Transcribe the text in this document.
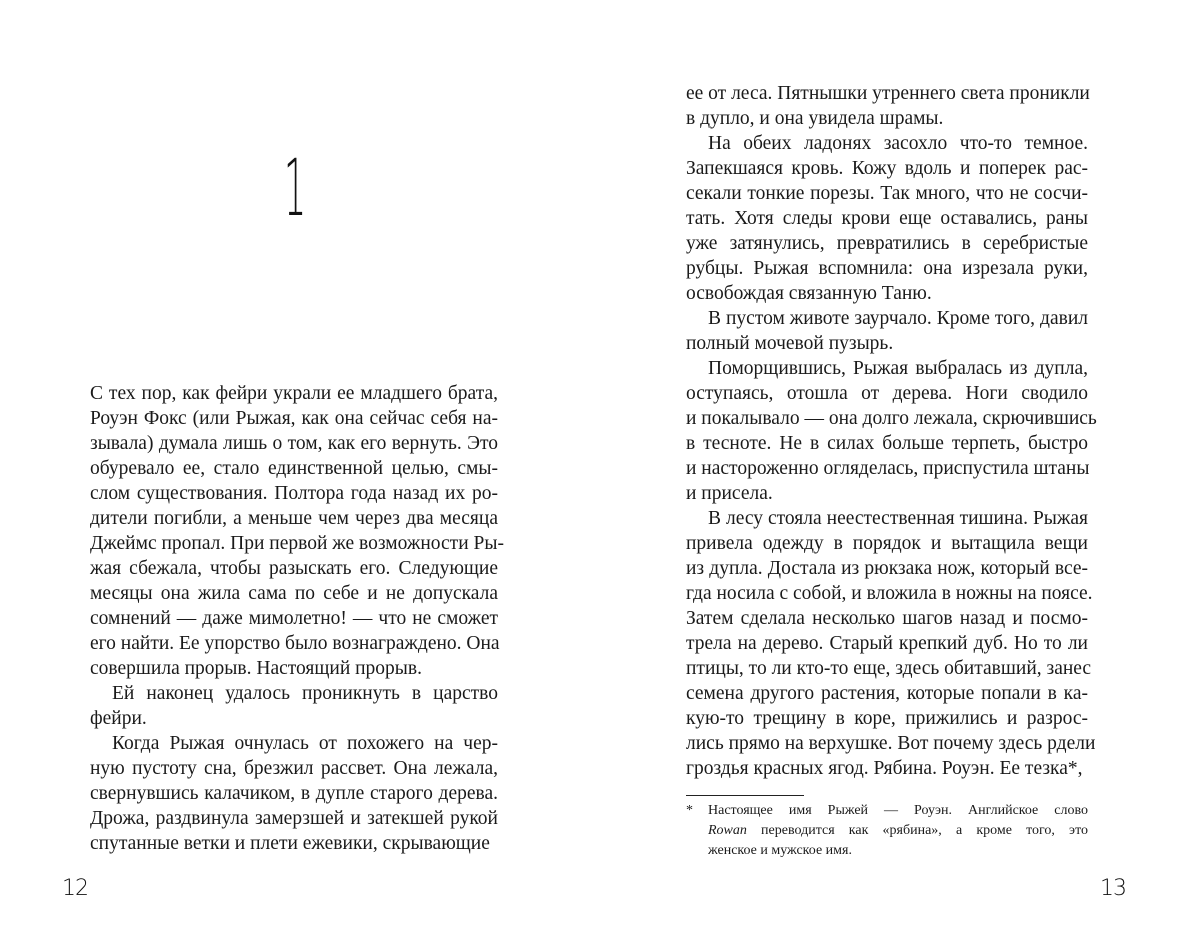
1

С тех пор, как фейри украли ее младшего брата,
Роуэн Фокс (или Рыжая, как она сейчас себя на-
зывала) думала лишь о том, как его вернуть. Это
обуревало ее, стало единственной целью, смы-
слом существования. Полтора года назад их ро-
дители погибли, а меньше чем через два месяца
Джеймс пропал. При первой же возможности Ры-
жая сбежала, чтобы разыскать его. Следующие
месяцы она жила сама по себе и не допускала
сомнений — даже мимолетно! — что не сможет
его найти. Ее упорство было вознаграждено. Она
совершила прорыв. Настоящий прорыв.

Ей наконец удалось проникнуть в царство
фейри.

Когда Рыжая очнулась от похожего на чер-
ную пустоту сна, брезжил рассвет. Она лежала,
свернувшись калачиком, в дупле старого дерева.
Дрожа, раздвинула замерзшей и затекшей рукой
спутанные ветки и плети ежевики, скрывающие

12

ее от леса. Пятнышки утреннего света проникли
в дупло, и она увидела шрамы.

На обеих ладонях засохло что-то темное.
Запекшаяся кровь. Кожу вдоль и поперек рас-
секали тонкие порезы. Так много, что не сосчи-
тать. Хотя следы крови еще оставались, раны
уже затянулись, превратились в серебристые
рубцы. Рыжая вспомнила: она изрезала руки,
освобождая связанную Таню.

В пустом животе заурчало. Кроме того, давил
полный мочевой пузырь.

Поморщившись, Рыжая выбралась из дупла,
оступаясь, отошла от дерева. Ноги сводило
и покалывало — она долго лежала, скрючившись
в тесноте. Не в силах больше терпеть, быстро
и настороженно огляделась, приспустила штаны
и присела.

В лесу стояла неестественная тишина. Рыжая
привела одежду в порядок и вытащила вещи
из дупла. Достала из рюкзака нож, который все-
гда носила с собой, и вложила в ножны на поясе.
Затем сделала несколько шагов назад и посмо-
трела на дерево. Старый крепкий дуб. Но то ли
птицы, то ли кто-то еще, здесь обитавший, занес
семена другого растения, которые попали в ка-
кую-то трещину в коре, прижились и разрос-
лись прямо на верхушке. Вот почему здесь рдели
гроздья красных ягод. Рябина. Роуэн. Ее тезка*,

* Настоящее имя Рыжей — Роуэн. Английское слово
Rowan переводится как «рябина», а кроме того, это
женское и мужское имя.
13
